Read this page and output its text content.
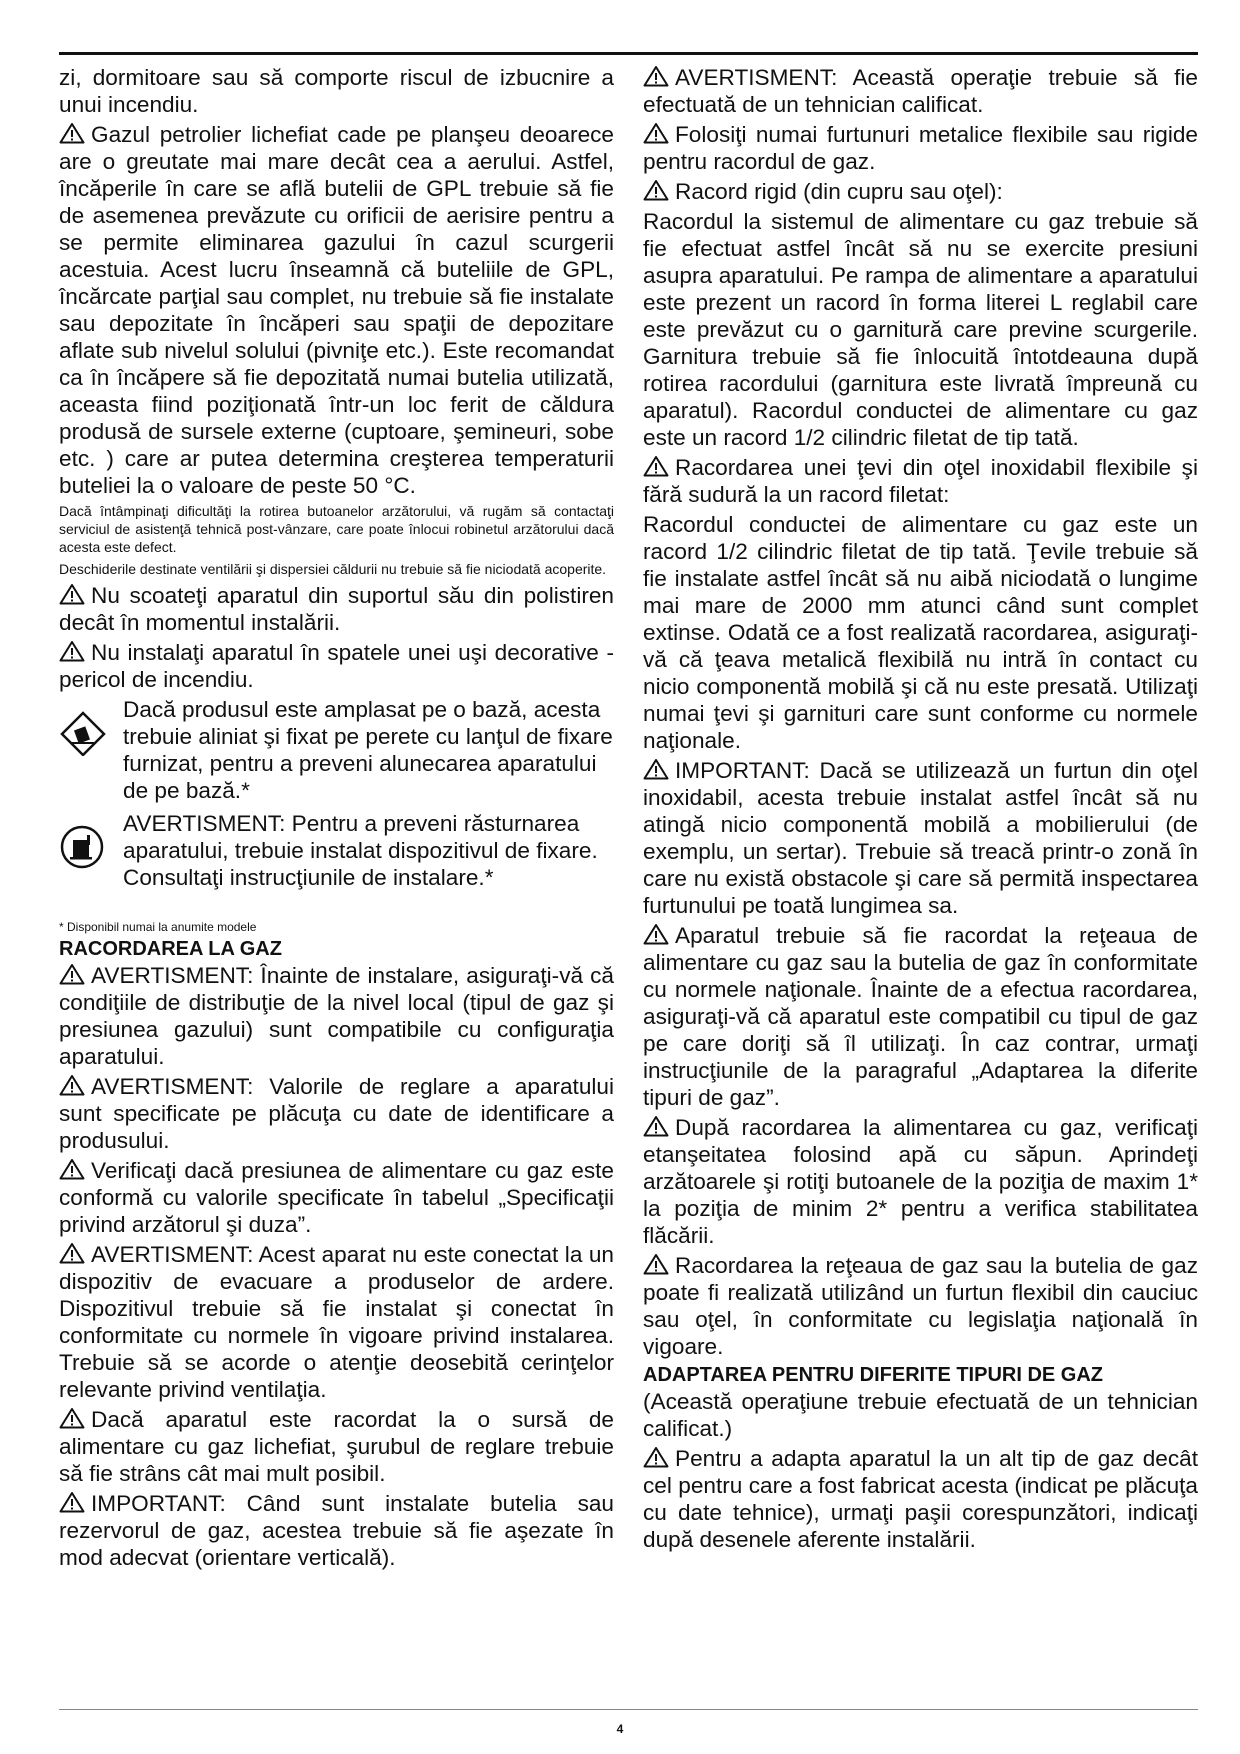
zi, dormitoare sau să comporte riscul de izbucnire a unui incendiu.

Gazul petrolier lichefiat cade pe planşeu deoarece are o greutate mai mare decât cea a aerului. Astfel, încăperile în care se află butelii de GPL trebuie să fie de asemenea prevăzute cu orificii de aerisire pentru a se permite eliminarea gazului în cazul scurgerii acestuia. Acest lucru înseamnă că buteliile de GPL, încărcate parţial sau complet, nu trebuie să fie instalate sau depozitate în încăperi sau spaţii de depozitare aflate sub nivelul solului (pivniţe etc.). Este recomandat ca în încăpere să fie depozitată numai butelia utilizată, aceasta fiind poziţionată într-un loc ferit de căldura produsă de sursele externe (cuptoare, şemineuri, sobe etc. ) care ar putea determina creşterea temperaturii buteliei la o valoare de peste 50 °C.

Dacă întâmpinaţi dificultăţi la rotirea butoanelor arzătorului, vă rugăm să contactaţi serviciul de asistenţă tehnică post-vânzare, care poate înlocui robinetul arzătorului dacă acesta este defect.

Deschiderile destinate ventilării şi dispersiei căldurii nu trebuie să fie niciodată acoperite.

Nu scoateţi aparatul din suportul său din polistiren decât în momentul instalării.

Nu instalaţi aparatul în spatele unei uşi decorative - pericol de incendiu.

Dacă produsul este amplasat pe o bază, acesta trebuie aliniat şi fixat pe perete cu lanţul de fixare furnizat, pentru a preveni alunecarea aparatului de pe bază.*
AVERTISMENT: Pentru a preveni răsturnarea aparatului, trebuie instalat dispozitivul de fixare. Consultaţi instrucţiunile de instalare.*

* Disponibil numai la anumite modele

RACORDAREA LA GAZ

AVERTISMENT: Înainte de instalare, asiguraţi-vă că condiţiile de distribuţie de la nivel local (tipul de gaz şi presiunea gazului) sunt compatibile cu configuraţia aparatului.

AVERTISMENT: Valorile de reglare a aparatului sunt specificate pe plăcuţa cu date de identificare a produsului.

Verificaţi dacă presiunea de alimentare cu gaz este conformă cu valorile specificate în tabelul „Specificaţii privind arzătorul şi duza”.

AVERTISMENT: Acest aparat nu este conectat la un dispozitiv de evacuare a produselor de ardere. Dispozitivul trebuie să fie instalat şi conectat în conformitate cu normele în vigoare privind instalarea. Trebuie să se acorde o atenţie deosebită cerinţelor relevante privind ventilaţia.

Dacă aparatul este racordat la o sursă de alimentare cu gaz lichefiat, şurubul de reglare trebuie să fie strâns cât mai mult posibil.

IMPORTANT: Când sunt instalate butelia sau rezervorul de gaz, acestea trebuie să fie aşezate în mod adecvat (orientare verticală).

AVERTISMENT: Această operaţie trebuie să fie efectuată de un tehnician calificat.

Folosiţi numai furtunuri metalice flexibile sau rigide pentru racordul de gaz.

Racord rigid (din cupru sau oţel):

Racordul la sistemul de alimentare cu gaz trebuie să fie efectuat astfel încât să nu se exercite presiuni asupra aparatului. Pe rampa de alimentare a aparatului este prezent un racord în forma literei L reglabil care este prevăzut cu o garnitură care previne scurgerile. Garnitura trebuie să fie înlocuită întotdeauna după rotirea racordului (garnitura este livrată împreună cu aparatul). Racordul conductei de alimentare cu gaz este un racord 1/2 cilindric filetat de tip tată.

Racordarea unei ţevi din oţel inoxidabil flexibile şi fără sudură la un racord filetat:

Racordul conductei de alimentare cu gaz este un racord 1/2 cilindric filetat de tip tată. Ţevile trebuie să fie instalate astfel încât să nu aibă niciodată o lungime mai mare de 2000 mm atunci când sunt complet extinse. Odată ce a fost realizată racordarea, asiguraţi-vă că ţeava metalică flexibilă nu intră în contact cu nicio componentă mobilă şi că nu este presată. Utilizaţi numai ţevi şi garnituri care sunt conforme cu normele naţionale.

IMPORTANT: Dacă se utilizează un furtun din oţel inoxidabil, acesta trebuie instalat astfel încât să nu atingă nicio componentă mobilă a mobilierului (de exemplu, un sertar). Trebuie să treacă printr-o zonă în care nu există obstacole şi care să permită inspectarea furtunului pe toată lungimea sa.

Aparatul trebuie să fie racordat la reţeaua de alimentare cu gaz sau la butelia de gaz în conformitate cu normele naţionale. Înainte de a efectua racordarea, asiguraţi-vă că aparatul este compatibil cu tipul de gaz pe care doriţi să îl utilizaţi. În caz contrar, urmaţi instrucţiunile de la paragraful „Adaptarea la diferite tipuri de gaz”.

După racordarea la alimentarea cu gaz, verificaţi etanşeitatea folosind apă cu săpun. Aprindeţi arzătoarele şi rotiţi butoanele de la poziţia de maxim 1* la poziţia de minim 2* pentru a verifica stabilitatea flăcării.

Racordarea la reţeaua de gaz sau la butelia de gaz poate fi realizată utilizând un furtun flexibil din cauciuc sau oţel, în conformitate cu legislaţia naţională în vigoare.

ADAPTAREA PENTRU DIFERITE TIPURI DE GAZ

(Această operaţiune trebuie efectuată de un tehnician calificat.)

Pentru a adapta aparatul la un alt tip de gaz decât cel pentru care a fost fabricat acesta (indicat pe plăcuţa cu date tehnice), urmaţi paşii corespunzători, indicaţi după desenele aferente instalării.

4
